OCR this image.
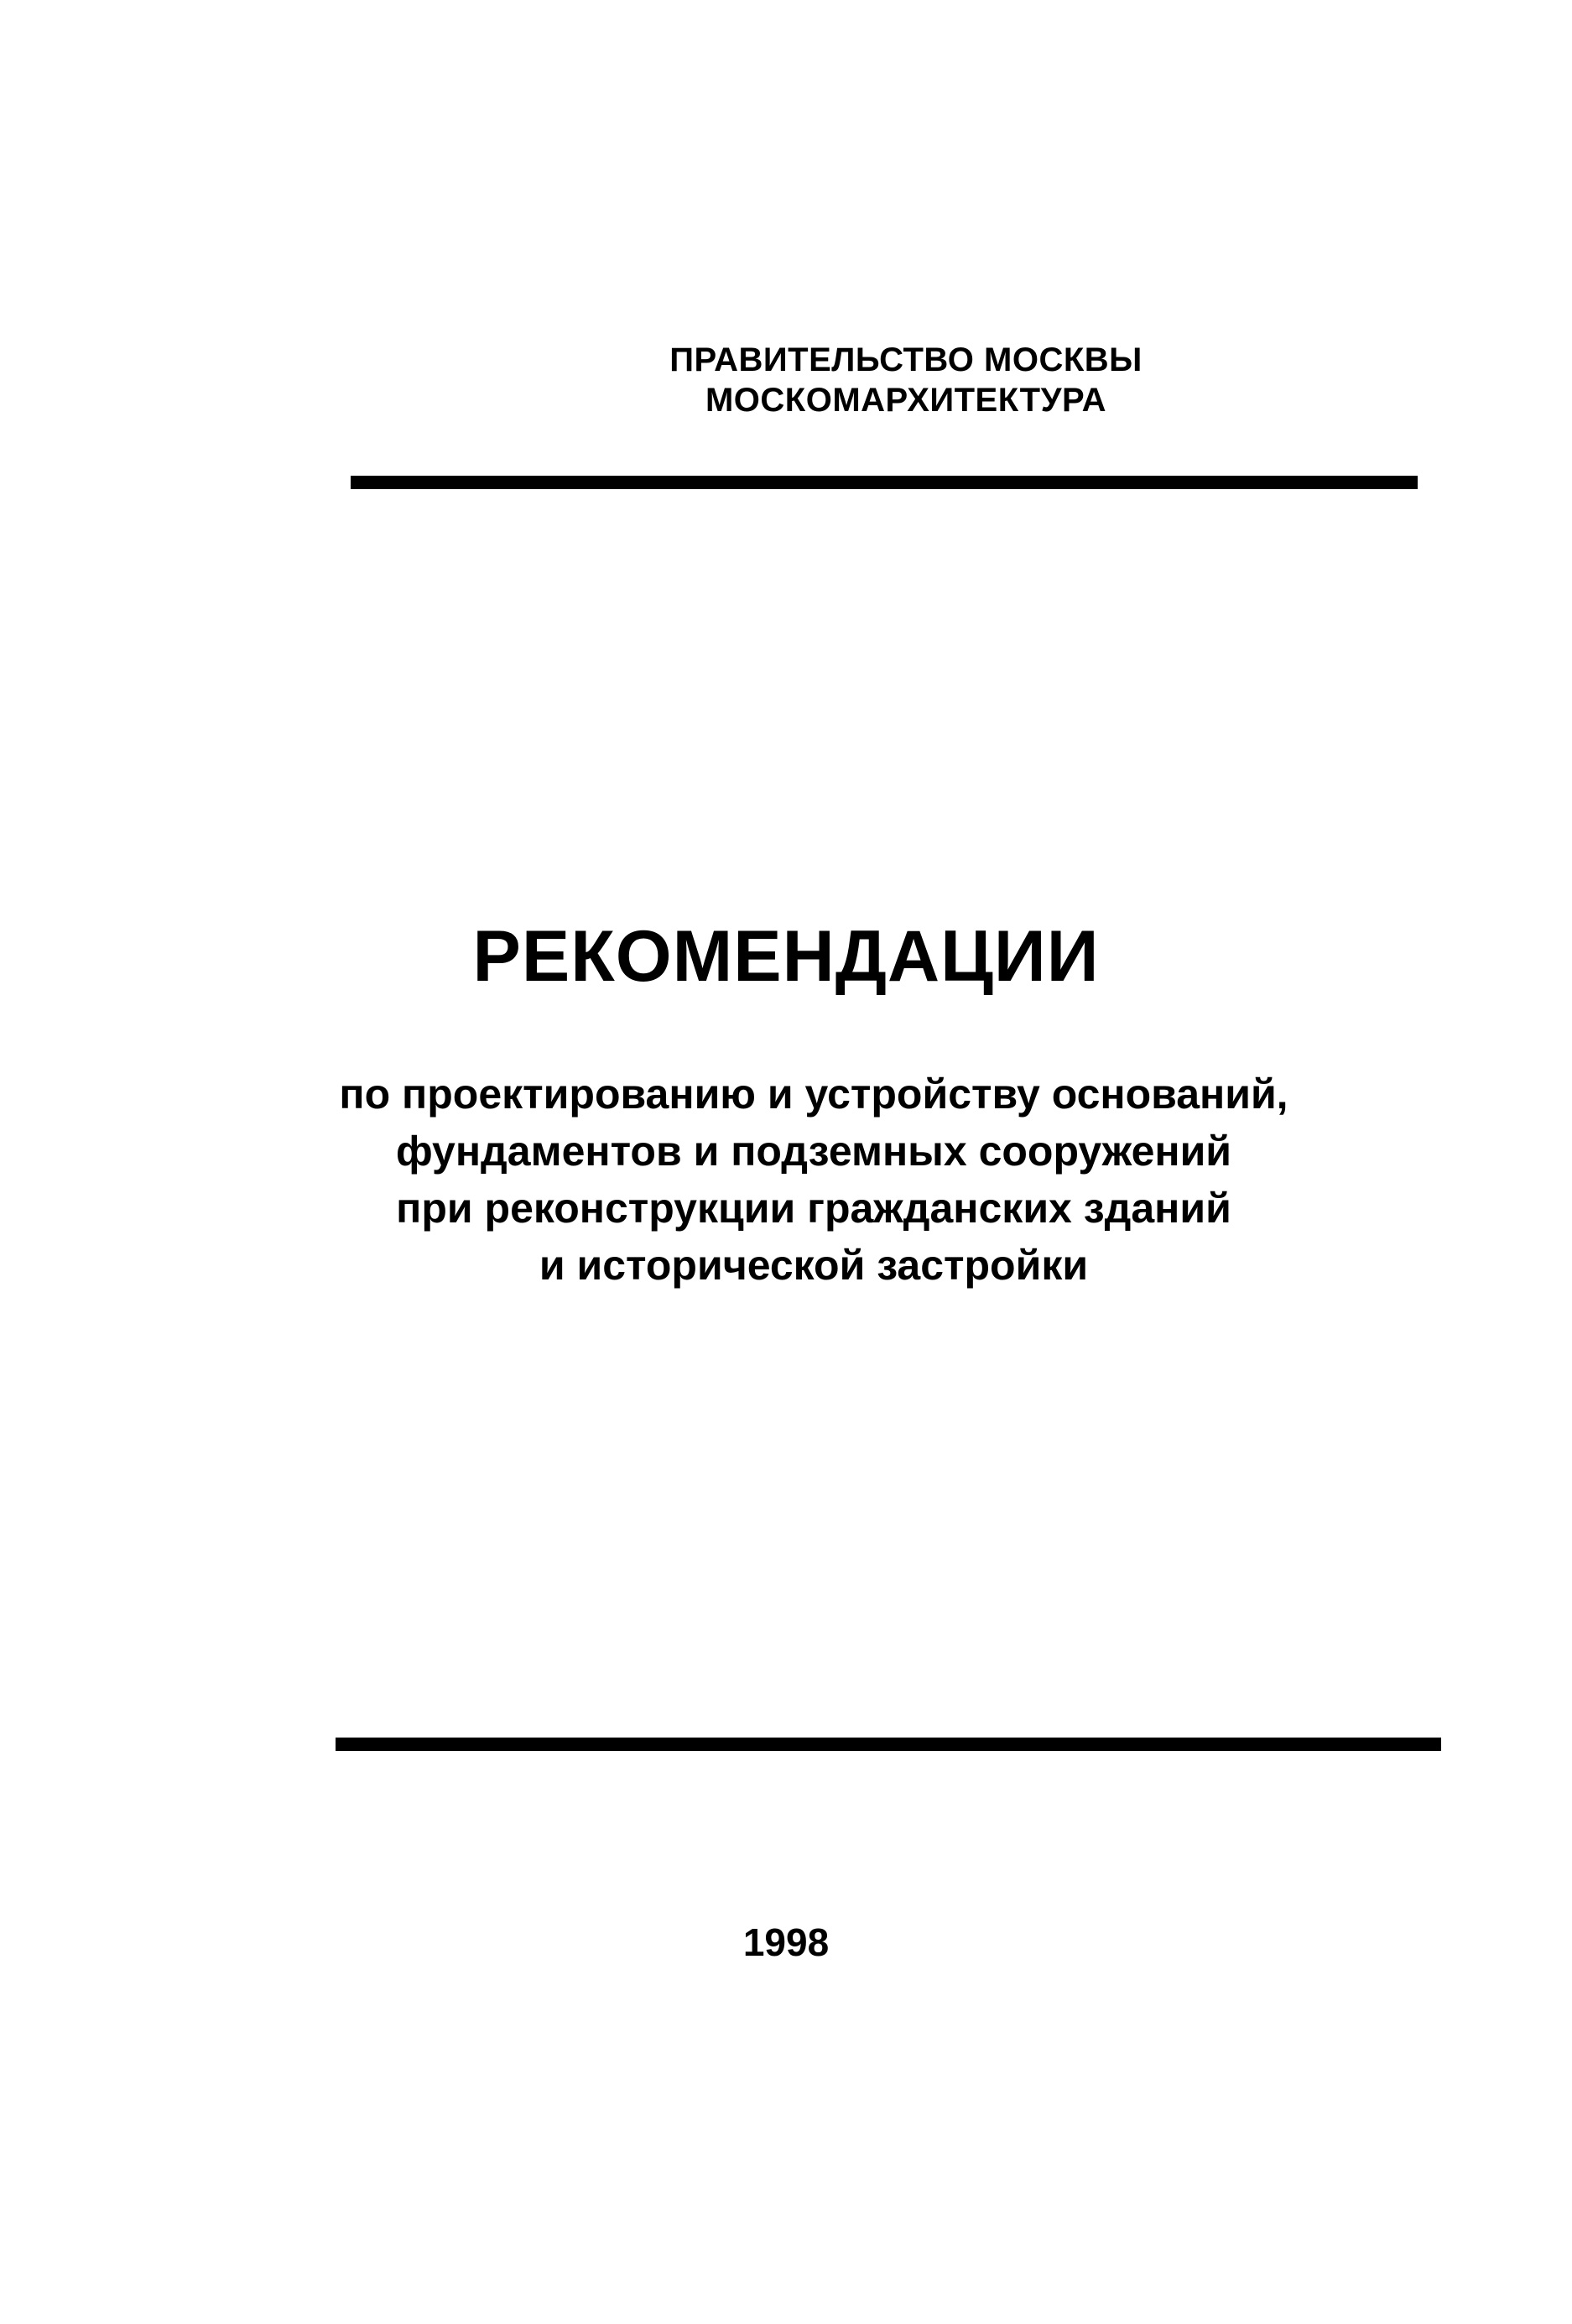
ПРАВИТЕЛЬСТВО МОСКВЫ
МОСКОМАРХИТЕКТУРА
РЕКОМЕНДАЦИИ
по проектированию и устройству оснований,
фундаментов и подземных сооружений
при реконструкции гражданских зданий
и исторической застройки
1998
